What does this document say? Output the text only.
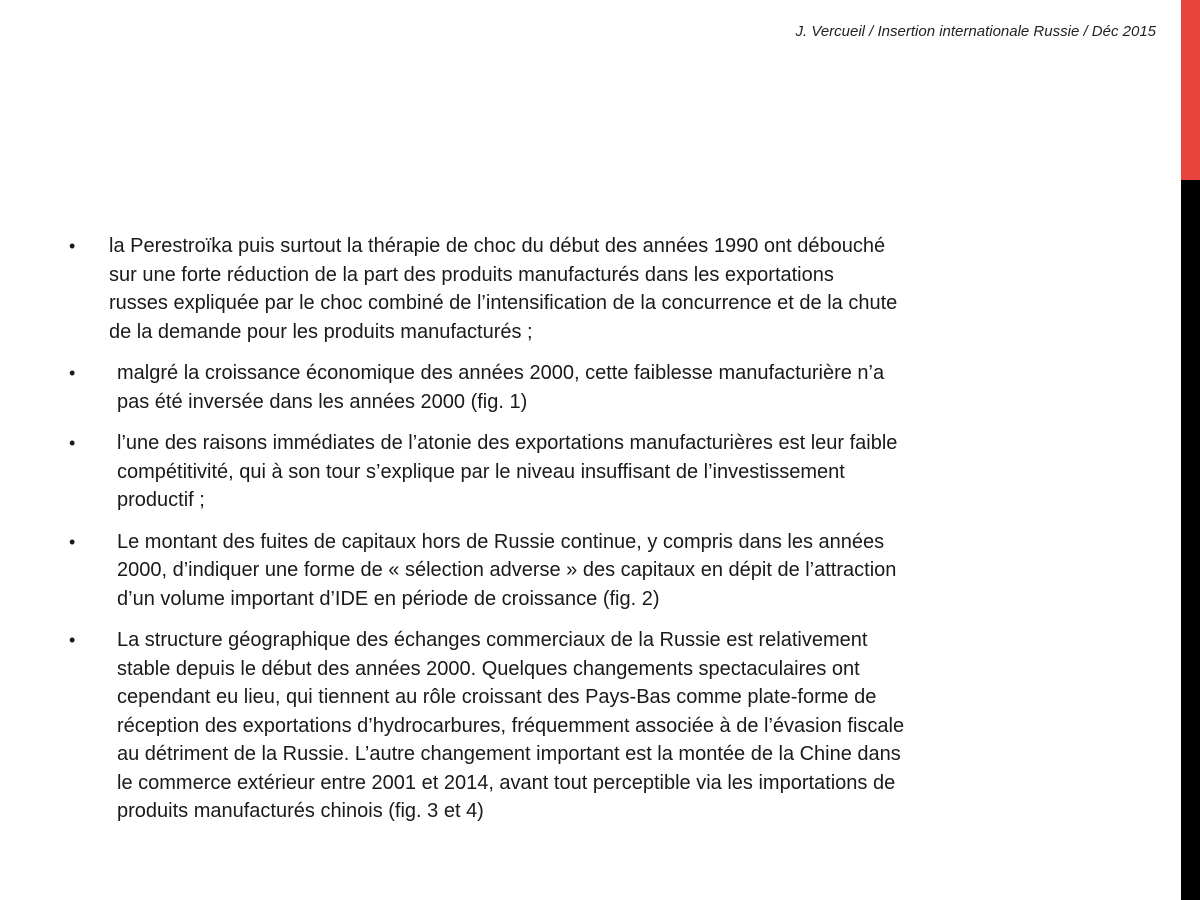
J. Vercueil / Insertion internationale Russie / Déc 2015
• la Perestroïka puis surtout la thérapie de choc du début des années 1990 ont débouché
sur une forte réduction de la part des produits manufacturés dans les exportations
russes expliquée par le choc combiné de l’intensification de la concurrence et de la chute
de la demande pour les produits manufacturés ;
• malgré la croissance économique des années 2000, cette faiblesse manufacturière n’a
pas été inversée dans les années 2000 (fig. 1)
• l’une des raisons immédiates de l’atonie des exportations manufacturières est leur faible
compétitivité, qui à son tour s’explique par le niveau insuffisant de l’investissement
productif ;
• Le montant des fuites de capitaux hors de Russie continue, y compris dans les années
2000, d’indiquer une forme de « sélection adverse » des capitaux en dépit de l’attraction
d’un volume important d’IDE en période de croissance (fig. 2)
• La structure géographique des échanges commerciaux de la Russie est relativement
stable depuis le début des années 2000. Quelques changements spectaculaires ont
cependant eu lieu, qui tiennent au rôle croissant des Pays-Bas comme plate-forme de
réception des exportations d’hydrocarbures, fréquemment associée à de l’évasion fiscale
au détriment de la Russie. L’autre changement important est la montée de la Chine dans
le commerce extérieur entre 2001 et 2014, avant tout perceptible via les importations de
produits manufacturés chinois (fig. 3 et 4)
